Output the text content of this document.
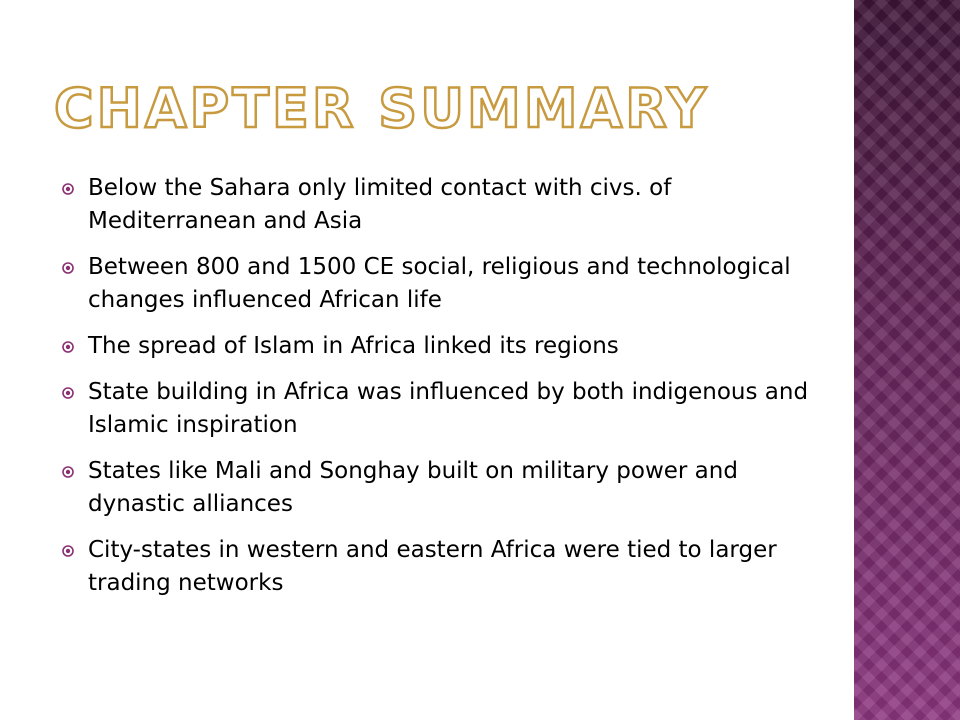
CHAPTER SUMMARY
Below the Sahara only limited contact with civs. of Mediterranean and Asia
Between 800 and 1500 CE social, religious and technological changes influenced African life
The spread of Islam in Africa linked its regions
State building in Africa was influenced by both indigenous and Islamic inspiration
States like Mali and Songhay built on military power and dynastic alliances
City-states in western and eastern Africa were tied to larger trading networks
